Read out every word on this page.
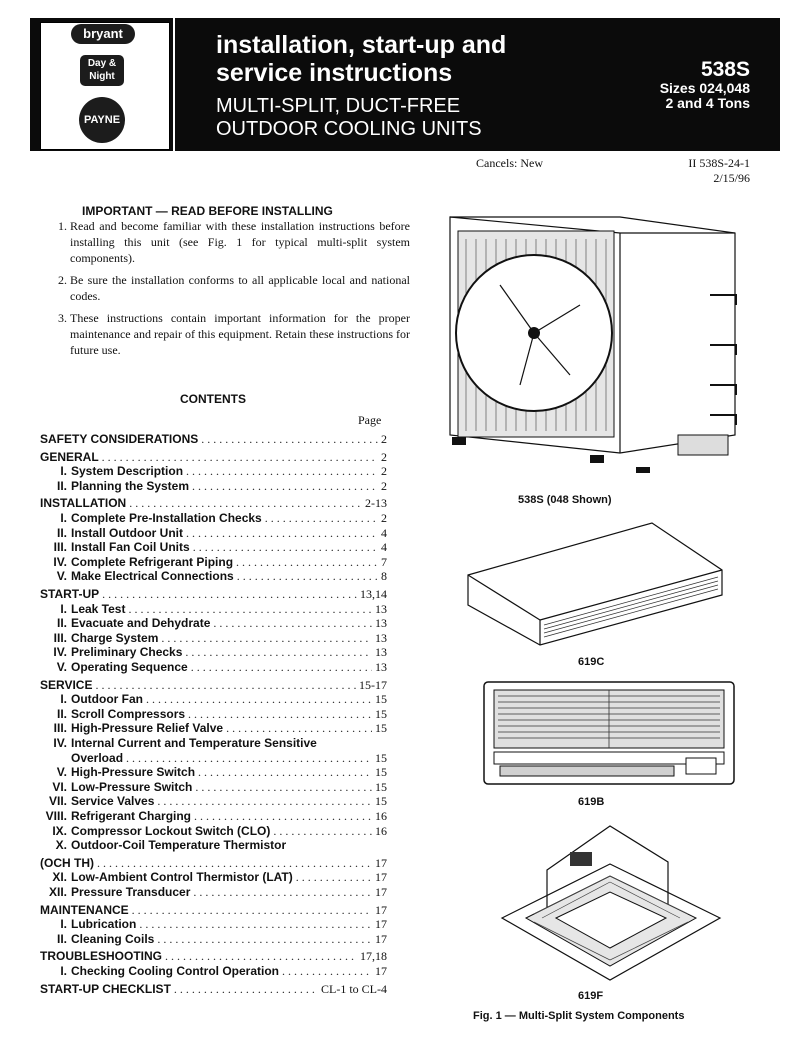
bryant
Day & Night
PAYNE
installation, start-up and
service instructions
MULTI-SPLIT, DUCT-FREE
OUTDOOR COOLING UNITS
538S
Sizes 024,048
2 and 4 Tons
Cancels: New	II 538S-24-1
2/15/96
IMPORTANT — READ BEFORE INSTALLING
1. Read and become familiar with these installation instructions before installing this unit (see Fig. 1 for typical multi-split system components).
2. Be sure the installation conforms to all applicable local and national codes.
3. These instructions contain important information for the proper maintenance and repair of this equipment. Retain these instructions for future use.
CONTENTS
Page
SAFETY CONSIDERATIONS . . .	2
GENERAL . . .	2
I. System Description . . .	2
II. Planning the System . . .	2
INSTALLATION . . .	2-13
I. Complete Pre-Installation Checks . . .	2
II. Install Outdoor Unit . . .	4
III. Install Fan Coil Units . . .	4
IV. Complete Refrigerant Piping . . .	7
V. Make Electrical Connections . . .	8
START-UP . . .	13,14
I. Leak Test . . .	13
II. Evacuate and Dehydrate . . .	13
III. Charge System . . .	13
IV. Preliminary Checks . . .	13
V. Operating Sequence . . .	13
SERVICE . . .	15-17
I. Outdoor Fan . . .	15
II. Scroll Compressors . . .	15
III. High-Pressure Relief Valve . . .	15
IV. Internal Current and Temperature Sensitive
Overload . . .	15
V. High-Pressure Switch . . .	15
VI. Low-Pressure Switch . . .	15
VII. Service Valves . . .	15
VIII. Refrigerant Charging . . .	16
IX. Compressor Lockout Switch (CLO) . . .	16
X. Outdoor-Coil Temperature Thermistor
(OCH TH) . . .	17
XI. Low-Ambient Control Thermistor (LAT) . . .	17
XII. Pressure Transducer . . .	17
MAINTENANCE . . .	17
I. Lubrication . . .	17
II. Cleaning Coils . . .	17
TROUBLESHOOTING . . .	17,18
I. Checking Cooling Control Operation . . .	17
START-UP CHECKLIST . . .	CL-1 to CL-4
538S (048 Shown)
619C
619B
619F
Fig. 1 — Multi-Split System Components
